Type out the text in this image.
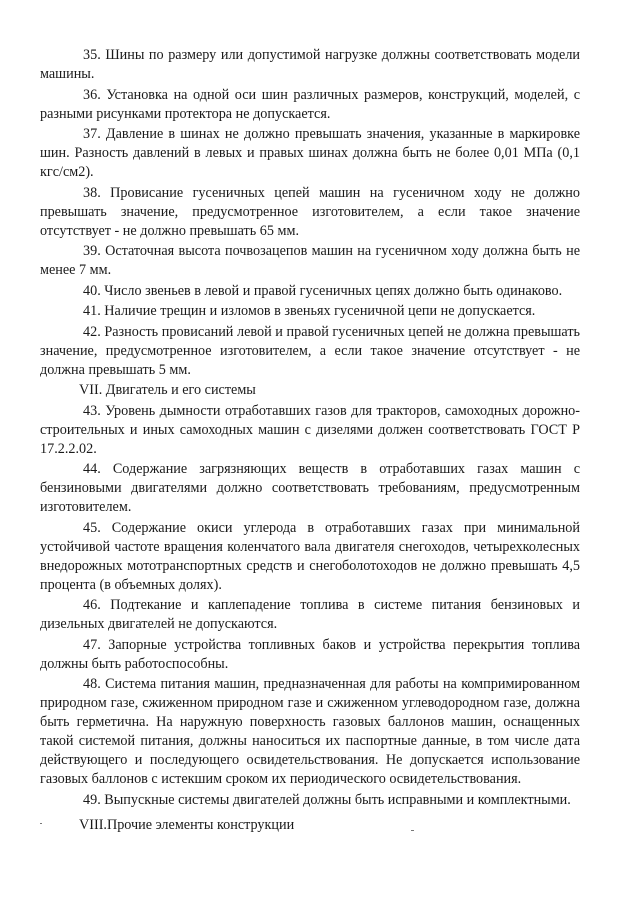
35. Шины по размеру или допустимой нагрузке должны соответствовать модели машины.

36. Установка на одной оси шин различных размеров, конструкций, моделей, с разными рисунками протектора не допускается.

37. Давление в шинах не должно превышать значения, указанные в маркировке шин. Разность давлений в левых и правых шинах должна быть не более 0,01 МПа (0,1 кгс/см2).

38. Провисание гусеничных цепей машин на гусеничном ходу не должно превышать значение, предусмотренное изготовителем, а если такое значение отсутствует - не должно превышать 65 мм.

39. Остаточная высота почвозацепов машин на гусеничном ходу должна быть не менее 7 мм.

40. Число звеньев в левой и правой гусеничных цепях должно быть одинаково.

41. Наличие трещин и изломов в звеньях гусеничной цепи не допускается.

42. Разность провисаний левой и правой гусеничных цепей не должна превышать значение, предусмотренное изготовителем, а если такое значение отсутствует - не должна превышать 5 мм.

VII. Двигатель и его системы

43. Уровень дымности отработавших газов для тракторов, самоходных дорожно-строительных и иных самоходных машин с дизелями должен соответствовать ГОСТ Р 17.2.2.02.

44. Содержание загрязняющих веществ в отработавших газах машин с бензиновыми двигателями должно соответствовать требованиям, предусмотренным изготовителем.

45. Содержание окиси углерода в отработавших газах при минимальной устойчивой частоте вращения коленчатого вала двигателя снегоходов, четырехколесных внедорожных мототранспортных средств и снегоболотоходов не должно превышать 4,5 процента (в объемных долях).

46. Подтекание и каплепадение топлива в системе питания бензиновых и дизельных двигателей не допускаются.

47. Запорные устройства топливных баков и устройства перекрытия топлива должны быть работоспособны.

48. Система питания машин, предназначенная для работы на компримированном природном газе, сжиженном природном газе и сжиженном углеводородном газе, должна быть герметична. На наружную поверхность газовых баллонов машин, оснащенных такой системой питания, должны наноситься их паспортные данные, в том числе дата действующего и последующего освидетельствования. Не допускается использование газовых баллонов с истекшим сроком их периодического освидетельствования.

49. Выпускные системы двигателей должны быть исправными и комплектными.

VIII.Прочие элементы конструкции
